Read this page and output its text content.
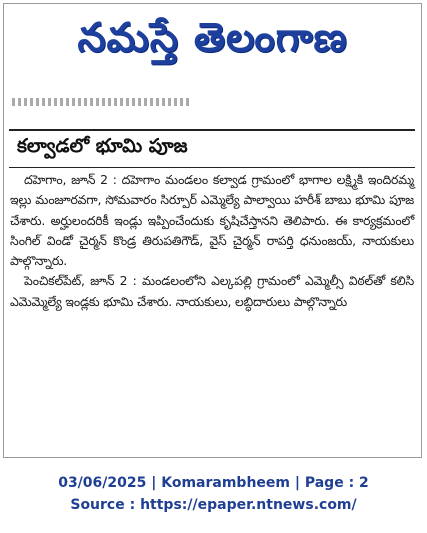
నమస్తే తెలంగాణ
కల్వాడలో భూమి పూజ

దహెగాం, జూన్ 2 : దహెగాం మండలం కల్వాడ గ్రామంలో భాగాల లక్ష్మికి ఇందిరమ్మ ఇల్లు మంజూరవగా, సోమవారం సిర్పూర్ ఎమ్మెల్యే పాల్వాయి హరీశ్ బాబు భూమి పూజ చేశారు. అర్హులందరికీ ఇండ్లు ఇప్పించేందుకు కృషిచేస్తానని తెలిపారు. ఈ కార్యక్రమంలో సింగిల్ విండో చైర్మన్ కొండ్ర తిరుపతిగౌడ్, వైస్ చైర్మన్ రాపర్తి ధనుంజయ్, నాయకులు పాల్గొన్నారు.

పెంచికల్‌పేట్, జూన్ 2 : మండలంలోని ఎల్కపల్లి గ్రామంలో ఎమ్మెల్సీ విఠల్‌తో కలిసి ఎమెమ్మెల్యే ఇండ్లకు భూమి చేశారు. నాయకులు, లబ్ధిదారులు పాల్గొన్నారు

03/06/2025 | Komarambheem | Page : 2
Source : https://epaper.ntnews.com/
